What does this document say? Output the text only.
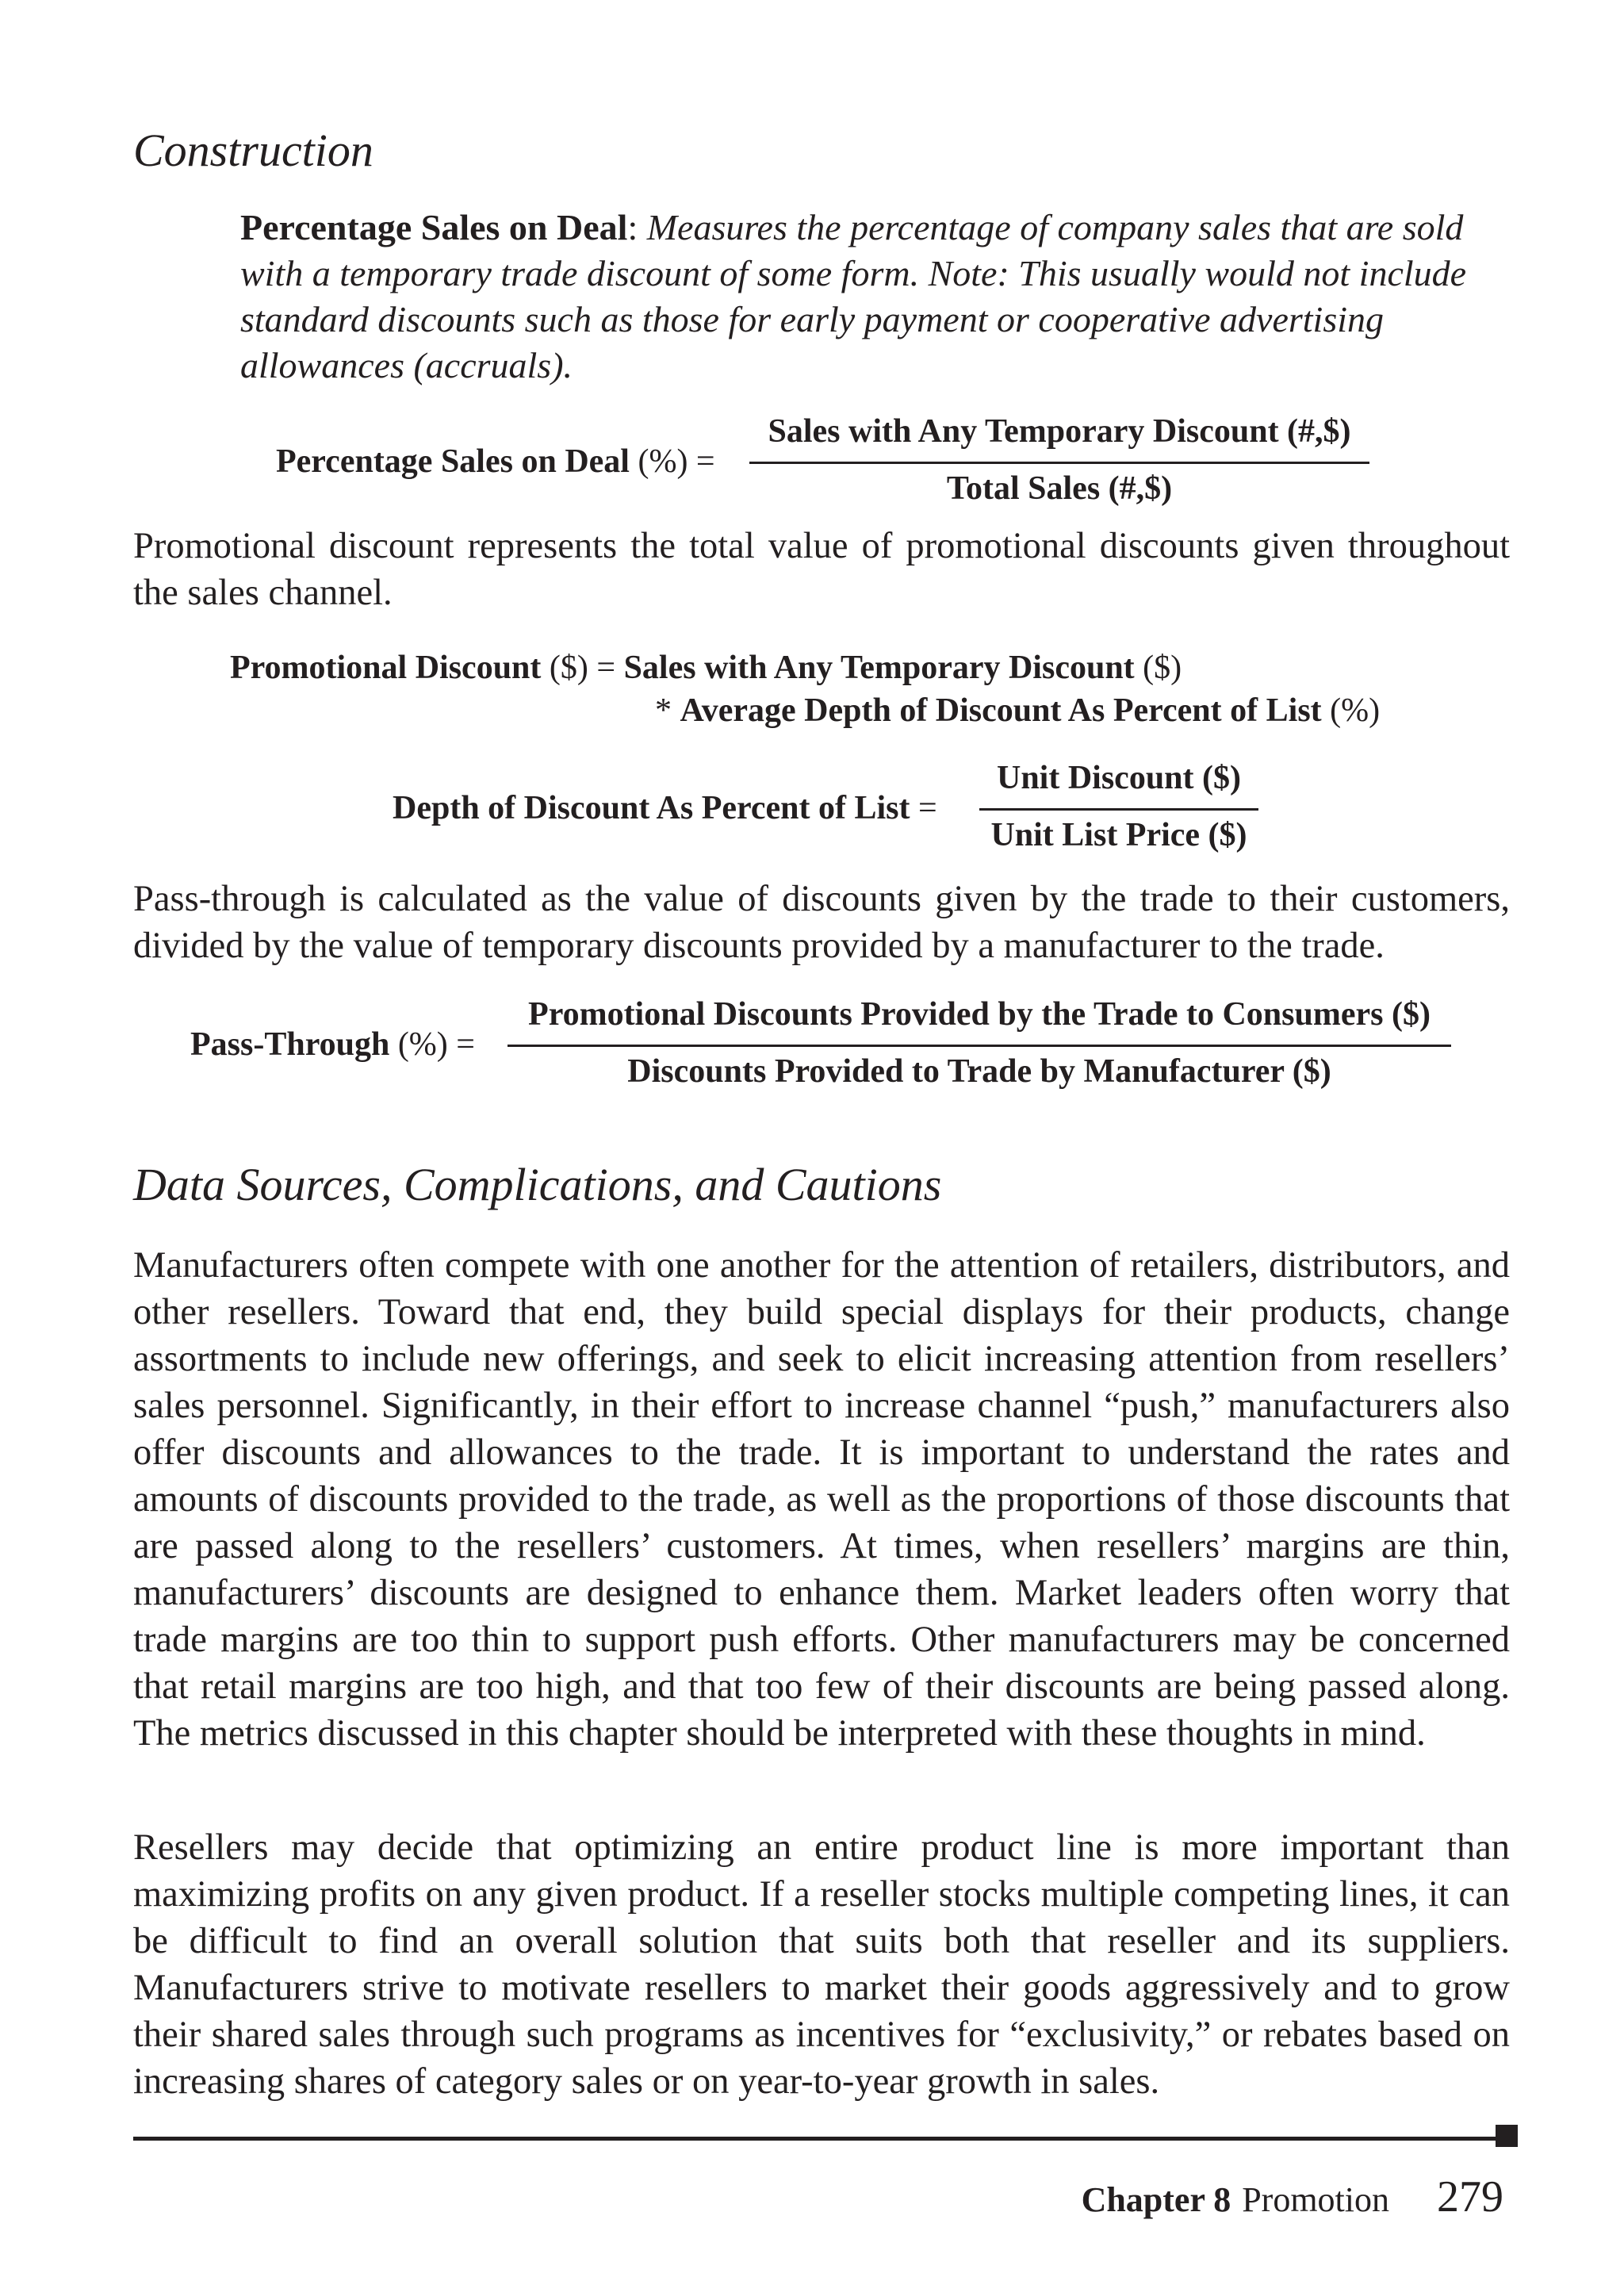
Construction

Percentage Sales on Deal: Measures the percentage of company sales that are sold with a temporary trade discount of some form. Note: This usually would not include standard discounts such as those for early payment or cooperative advertising allowances (accruals).

Percentage Sales on Deal (%) =
Sales with Any Temporary Discount (#,$)
Total Sales (#,$)

Promotional discount represents the total value of promotional discounts given throughout the sales channel.

Promotional Discount ($) = Sales with Any Temporary Discount ($)
* Average Depth of Discount As Percent of List (%)
Depth of Discount As Percent of List =
Unit Discount ($)
Unit List Price ($)

Pass-through is calculated as the value of discounts given by the trade to their customers, divided by the value of temporary discounts provided by a manufacturer to the trade.

Pass-Through (%) =
Promotional Discounts Provided by the Trade to Consumers ($)
Discounts Provided to Trade by Manufacturer ($)
Data Sources, Complications, and Cautions

Manufacturers often compete with one another for the attention of retailers, distributors, and other resellers. Toward that end, they build special displays for their products, change assortments to include new offerings, and seek to elicit increasing attention from resellers’ sales personnel. Significantly, in their effort to increase channel “push,” manufacturers also offer discounts and allowances to the trade. It is important to understand the rates and amounts of discounts provided to the trade, as well as the proportions of those discounts that are passed along to the resellers’ customers. At times, when resellers’ margins are thin, manufacturers’ discounts are designed to enhance them. Market leaders often worry that trade margins are too thin to support push efforts. Other manufacturers may be concerned that retail margins are too high, and that too few of their discounts are being passed along. The metrics discussed in this chapter should be interpreted with these thoughts in mind.

Resellers may decide that optimizing an entire product line is more important than maximizing profits on any given product. If a reseller stocks multiple competing lines, it can be difficult to find an overall solution that suits both that reseller and its suppliers. Manufacturers strive to motivate resellers to market their goods aggressively and to grow their shared sales through such programs as incentives for “exclusivity,” or rebates based on increasing shares of category sales or on year-to-year growth in sales.

Chapter 8 Promotion 279
